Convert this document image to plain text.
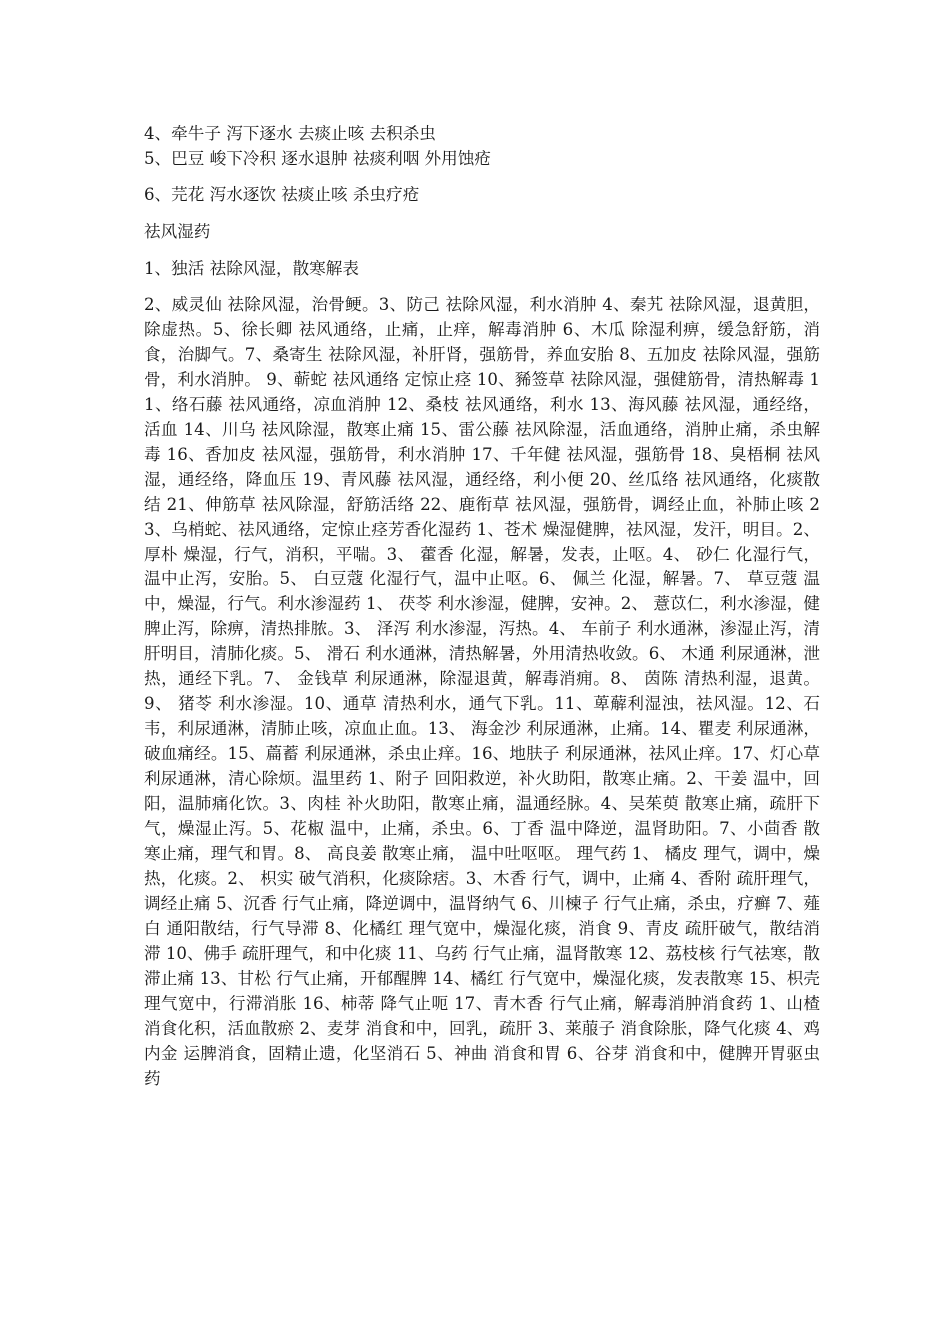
4、牵牛子 泻下逐水 去痰止咳 去积杀虫

5、巴豆 峻下冷积 逐水退肿 祛痰利咽 外用蚀疮

6、芫花 泻水逐饮 祛痰止咳 杀虫疗疮

祛风湿药

1、独活 祛除风湿，散寒解表

2、威灵仙 祛除风湿，治骨鲠。3、防己 祛除风湿，利水消肿 4、秦艽 祛除风湿，退黄胆，除虚热。5、徐长卿 祛风通络，止痛，止痒，解毒消肿 6、木瓜 除湿利痹，缓急舒筋，消食，治脚气。7、桑寄生 祛除风湿，补肝肾，强筋骨，养血安胎 8、五加皮 祛除风湿，强筋骨，利水消肿。 9、蕲蛇 祛风通络 定惊止痉 10、豨签草 祛除风湿，强健筋骨，清热解毒 11、络石藤 祛风通络，凉血消肿 12、桑枝 祛风通络，利水 13、海风藤 祛风湿，通经络，活血 14、川乌 祛风除湿，散寒止痛 15、雷公藤 祛风除湿，活血通络，消肿止痛，杀虫解毒 16、香加皮 祛风湿，强筋骨，利水消肿 17、千年健 祛风湿，强筋骨 18、臭梧桐 祛风湿，通经络，降血压 19、青风藤 祛风湿，通经络，利小便 20、丝瓜络 祛风通络，化痰散结 21、伸筋草 祛风除湿，舒筋活络 22、鹿衔草 祛风湿，强筋骨，调经止血，补肺止咳 23、乌梢蛇、祛风通络，定惊止痉芳香化湿药 1、苍术 燥湿健脾，祛风湿，发汗，明目。2、 厚朴 燥湿，行气，消积，平喘。3、 藿香 化湿，解暑，发表，止呕。4、 砂仁 化湿行气，温中止泻，安胎。5、 白豆蔻 化湿行气，温中止呕。6、 佩兰 化湿，解暑。7、 草豆蔻 温中，燥湿，行气。利水渗湿药 1、 茯苓 利水渗湿，健脾，安神。2、 薏苡仁，利水渗湿，健脾止泻，除痹，清热排脓。3、 泽泻 利水渗湿，泻热。4、 车前子 利水通淋，渗湿止泻，清肝明目，清肺化痰。5、 滑石 利水通淋，清热解暑，外用清热收敛。6、 木通 利尿通淋，泄热，通经下乳。7、 金钱草 利尿通淋，除湿退黄，解毒消痈。8、 茵陈 清热利湿，退黄。9、 猪苓 利水渗湿。10、通草 清热利水，通气下乳。11、萆薢利湿浊，祛风湿。12、石韦，利尿通淋，清肺止咳，凉血止血。13、 海金沙 利尿通淋，止痛。14、瞿麦 利尿通淋，破血痛经。15、萹蓄 利尿通淋，杀虫止痒。16、地肤子 利尿通淋，祛风止痒。17、灯心草 利尿通淋，清心除烦。温里药 1、附子 回阳救逆，补火助阳，散寒止痛。2、干姜 温中，回阳，温肺痛化饮。3、肉桂 补火助阳，散寒止痛，温通经脉。4、吴茱萸 散寒止痛，疏肝下气，燥湿止泻。5、花椒 温中，止痛，杀虫。6、丁香 温中降逆，温肾助阳。7、小茴香 散寒止痛，理气和胃。8、 高良姜 散寒止痛， 温中吐呕呕。 理气药 1、 橘皮 理气，调中，燥热，化痰。2、 枳实 破气消积，化痰除痞。3、木香 行气，调中，止痛 4、香附 疏肝理气，调经止痛 5、沉香 行气止痛，降逆调中，温肾纳气 6、川楝子 行气止痛，杀虫，疗癣 7、薤白 通阳散结，行气导滞 8、化橘红 理气宽中，燥湿化痰，消食 9、青皮 疏肝破气，散结消滞 10、佛手 疏肝理气，和中化痰 11、乌药 行气止痛，温肾散寒 12、荔枝核 行气祛寒，散滞止痛 13、甘松 行气止痛，开郁醒脾 14、橘红 行气宽中，燥湿化痰，发表散寒 15、枳壳 理气宽中，行滞消胀 16、柿蒂 降气止呃 17、青木香 行气止痛，解毒消肿消食药 1、山楂 消食化积，活血散瘀 2、麦芽 消食和中，回乳，疏肝 3、莱菔子 消食除胀，降气化痰 4、鸡内金 运脾消食，固精止遗，化坚消石 5、神曲 消食和胃 6、谷芽 消食和中，健脾开胃驱虫药
